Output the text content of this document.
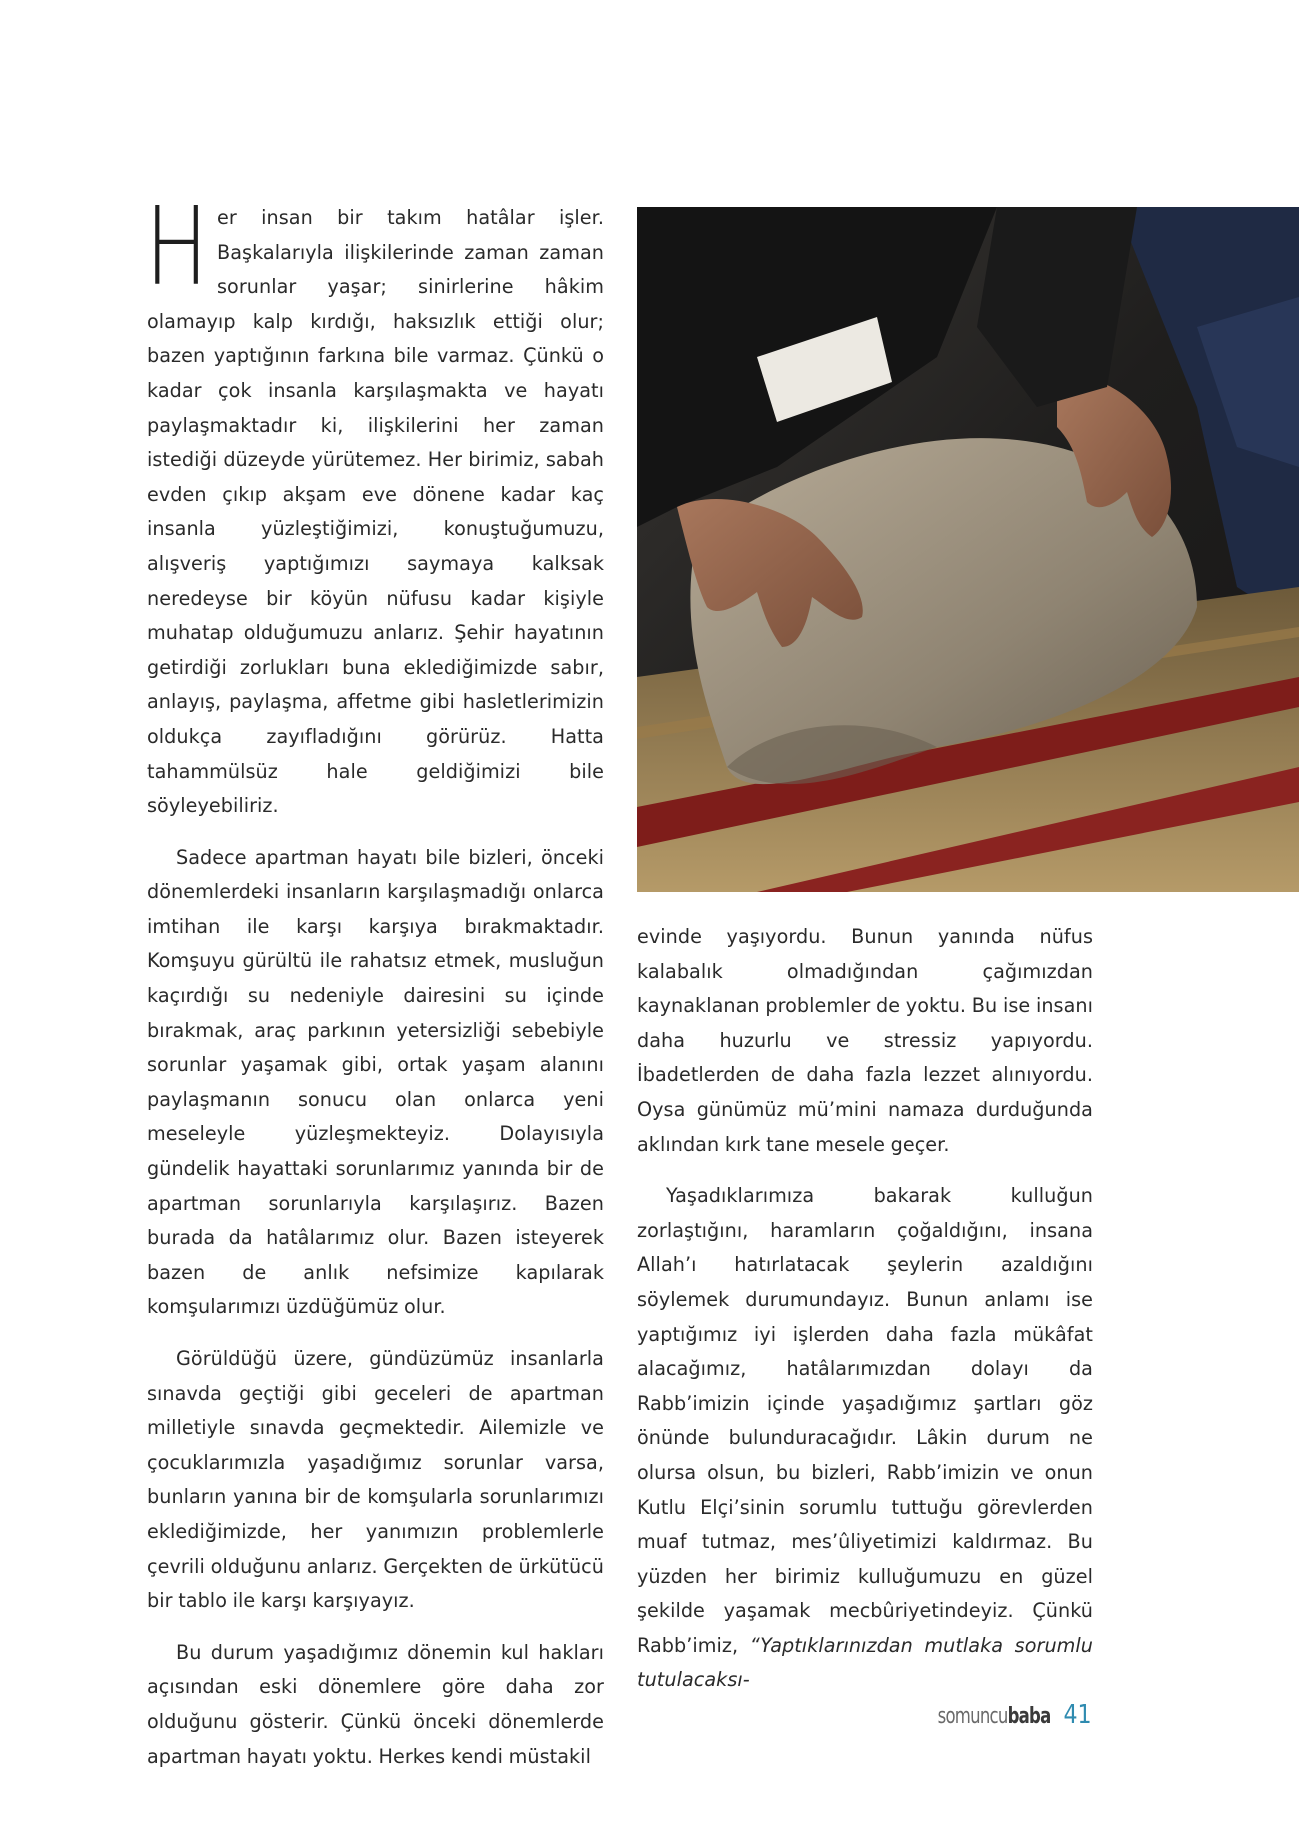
Her insan bir takım hatâlar işler. Başkalarıyla ilişkilerinde zaman zaman sorunlar yaşar; sinirlerine hâkim olamayıp kalp kırdığı, haksızlık ettiği olur; bazen yaptığının farkına bile varmaz. Çünkü o kadar çok insanla karşılaşmakta ve hayatı paylaşmaktadır ki, ilişkilerini her zaman istediği düzeyde yürütemez. Her birimiz, sabah evden çıkıp akşam eve dönene kadar kaç insanla yüzleştiğimizi, konuştuğumuzu, alışveriş yaptığımızı saymaya kalksak neredeyse bir köyün nüfusu kadar kişiyle muhatap olduğumuzu anlarız. Şehir hayatının getirdiği zorlukları buna eklediğimizde sabır, anlayış, paylaşma, affetme gibi hasletlerimizin oldukça zayıfladığını görürüz. Hatta tahammülsüz hale geldiğimizi bile söyleyebiliriz.

Sadece apartman hayatı bile bizleri, önceki dönemlerdeki insanların karşılaşmadığı onlarca imtihan ile karşı karşıya bırakmaktadır. Komşuyu gürültü ile rahatsız etmek, musluğun kaçırdığı su nedeniyle dairesini su içinde bırakmak, araç parkının yetersizliği sebebiyle sorunlar yaşamak gibi, ortak yaşam alanını paylaşmanın sonucu olan onlarca yeni meseleyle yüzleşmekteyiz. Dolayısıyla gündelik hayattaki sorunlarımız yanında bir de apartman sorunlarıyla karşılaşırız. Bazen burada da hatâlarımız olur. Bazen isteyerek bazen de anlık nefsimize kapılarak komşularımızı üzdüğümüz olur.

Görüldüğü üzere, gündüzümüz insanlarla sınavda geçtiği gibi geceleri de apartman milletiyle sınavda geçmektedir. Ailemizle ve çocuklarımızla yaşadığımız sorunlar varsa, bunların yanına bir de komşularla sorunlarımızı eklediğimizde, her yanımızın problemlerle çevrili olduğunu anlarız. Gerçekten de ürkütücü bir tablo ile karşı karşıyayız.

Bu durum yaşadığımız dönemin kul hakları açısından eski dönemlere göre daha zor olduğunu gösterir. Çünkü önceki dönemlerde apartman hayatı yoktu. Herkes kendi müstakil

evinde yaşıyordu. Bunun yanında nüfus kalabalık olmadığından çağımızdan kaynaklanan problemler de yoktu. Bu ise insanı daha huzurlu ve stressiz yapıyordu. İbadetlerden de daha fazla lezzet alınıyordu. Oysa günümüz mü’mini namaza durduğunda aklından kırk tane mesele geçer.

Yaşadıklarımıza bakarak kulluğun zorlaştığını, haramların çoğaldığını, insana Allah’ı hatırlatacak şeylerin azaldığını söylemek durumundayız. Bunun anlamı ise yaptığımız iyi işlerden daha fazla mükâfat alacağımız, hatâlarımızdan dolayı da Rabb’imizin içinde yaşadığımız şartları göz önünde bulunduracağıdır. Lâkin durum ne olursa olsun, bu bizleri, Rabb’imizin ve onun Kutlu Elçi’sinin sorumlu tuttuğu görevlerden muaf tutmaz, mes’ûliyetimizi kaldırmaz. Bu yüzden her birimiz kulluğumuzu en güzel şekilde yaşamak mecbûriyetindeyiz. Çünkü Rabb’imiz, “Yaptıklarınızdan mutlaka sorumlu tutulacaksı-

somuncubaba 41
